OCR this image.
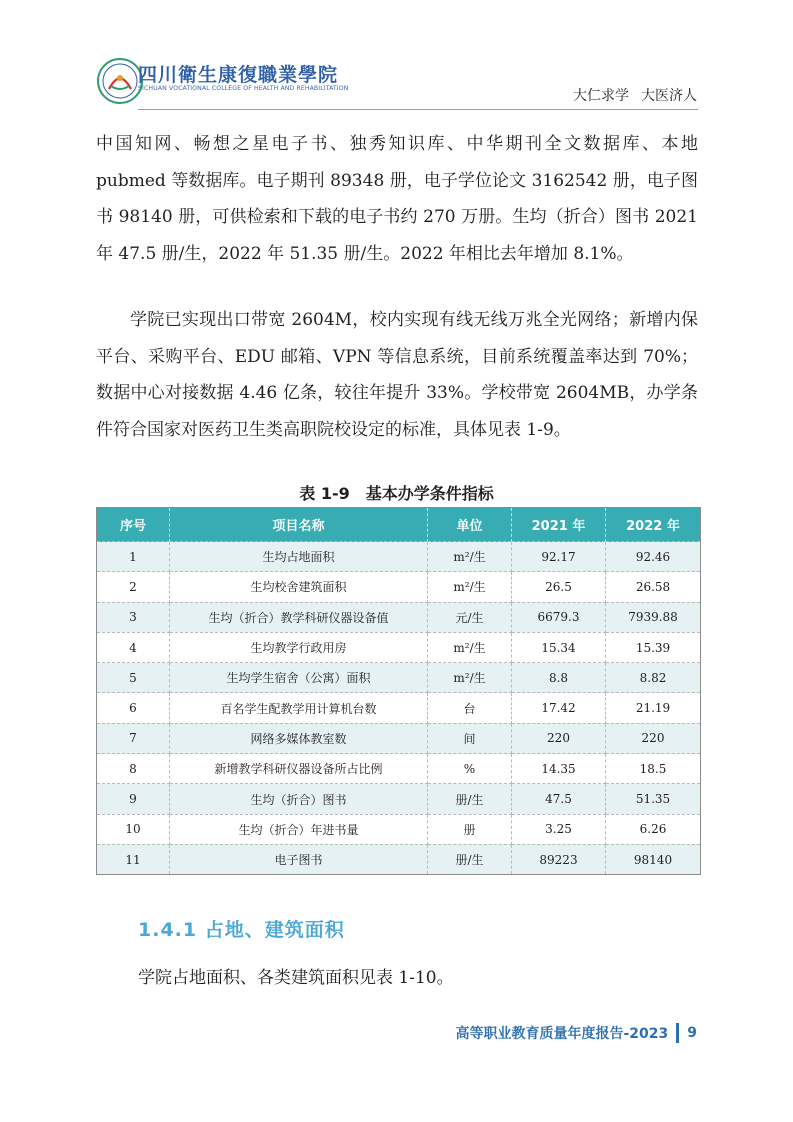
四川衛生康復職業學院
SICHUAN VOCATIONAL COLLEGE OF HEALTH AND REHABILITATION	大仁求学 大医济人
中国知网、畅想之星电子书、独秀知识库、中华期刊全文数据库、本地 pubmed 等数据库。电子期刊 89348 册，电子学位论文 3162542 册，电子图书 98140 册，可供检索和下载的电子书约 270 万册。生均（折合）图书 2021 年 47.5 册/生，2022 年 51.35 册/生。2022 年相比去年增加 8.1%。
学院已实现出口带宽 2604M，校内实现有线无线万兆全光网络；新增内保平台、采购平台、EDU 邮箱、VPN 等信息系统，目前系统覆盖率达到 70%；数据中心对接数据 4.46 亿条，较往年提升 33%。学校带宽 2604MB，办学条件符合国家对医药卫生类高职院校设定的标准，具体见表 1-9。
表 1-9　基本办学条件指标
序号	项目名称	单位	2021 年	2022 年
1	生均占地面积	m²/生	92.17	92.46
2	生均校舍建筑面积	m²/生	26.5	26.58
3	生均（折合）教学科研仪器设备值	元/生	6679.3	7939.88
4	生均教学行政用房	m²/生	15.34	15.39
5	生均学生宿舍（公寓）面积	m²/生	8.8	8.82
6	百名学生配教学用计算机台数	台	17.42	21.19
7	网络多媒体教室数	间	220	220
8	新增教学科研仪器设备所占比例	%	14.35	18.5
9	生均（折合）图书	册/生	47.5	51.35
10	生均（折合）年进书量	册	3.25	6.26
11	电子图书	册/生	89223	98140
1.4.1 占地、建筑面积
学院占地面积、各类建筑面积见表 1-10。
高等职业教育质量年度报告-2023 9
